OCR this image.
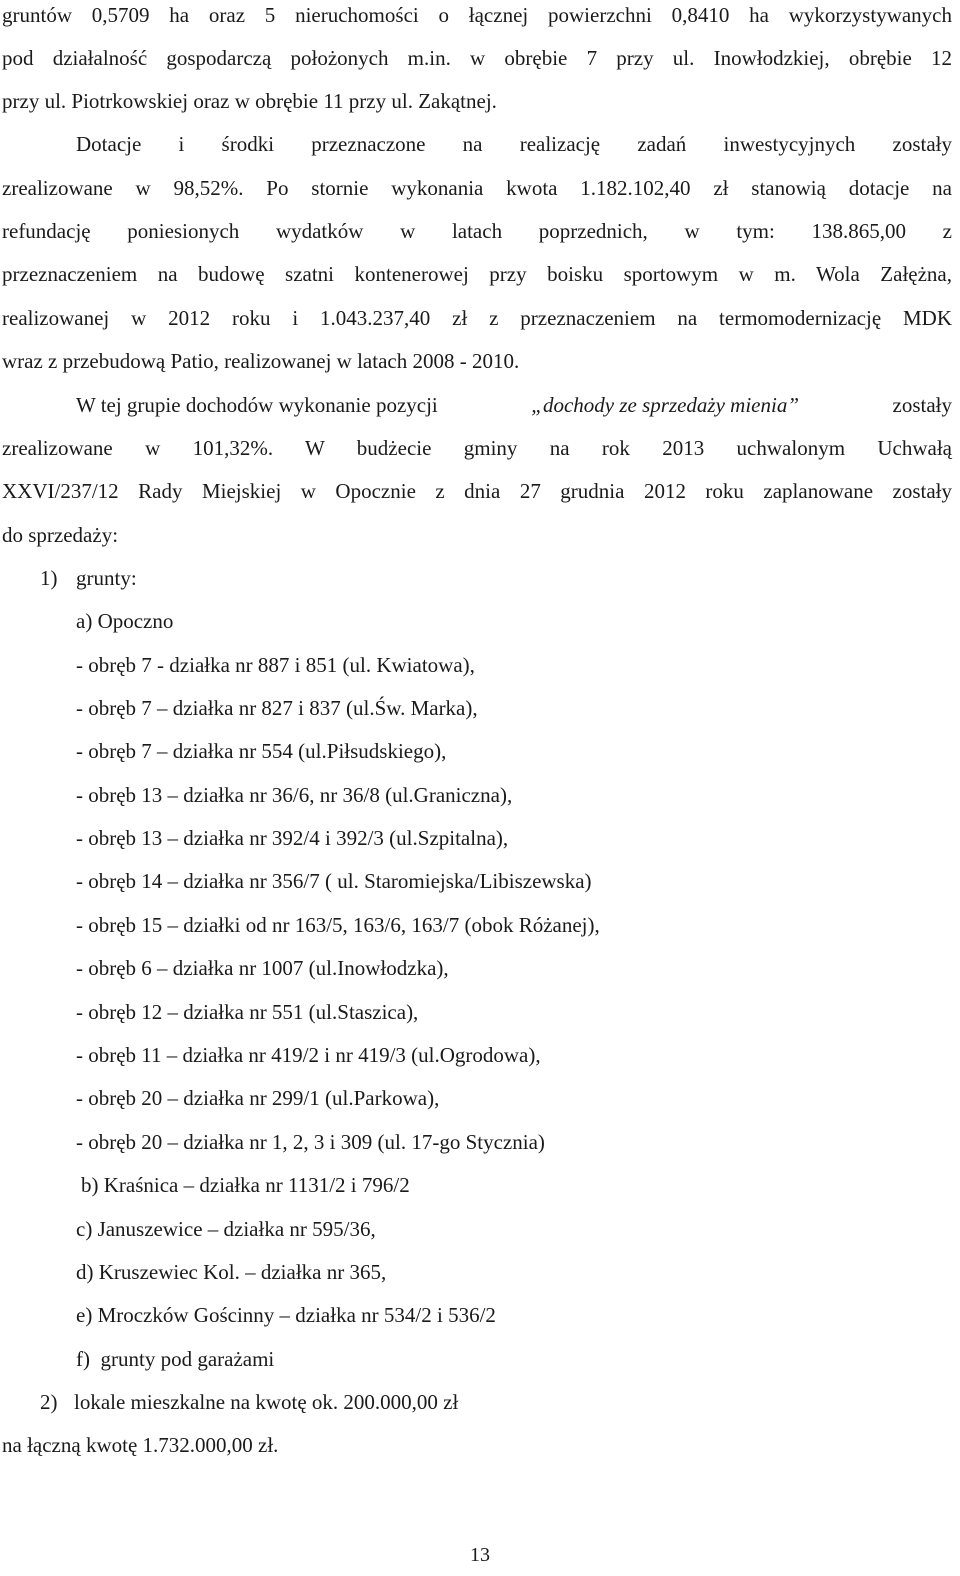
gruntów 0,5709 ha oraz 5 nieruchomości o łącznej powierzchni 0,8410 ha wykorzystywanych
pod działalność gospodarczą położonych m.in. w obrębie 7 przy ul. Inowłodzkiej, obrębie 12
przy ul. Piotrkowskiej oraz w obrębie 11 przy ul. Zakątnej.
Dotacje i środki przeznaczone na realizację zadań inwestycyjnych zostały
zrealizowane w 98,52%. Po stornie wykonania kwota 1.182.102,40 zł stanowią dotacje na
refundację poniesionych wydatków w latach poprzednich, w tym: 138.865,00 z
przeznaczeniem na budowę szatni kontenerowej przy boisku sportowym w m. Wola Załężna,
realizowanej w 2012 roku i 1.043.237,40 zł z przeznaczeniem na termomodernizację MDK
wraz z przebudową Patio, realizowanej w latach 2008 - 2010.
W tej grupie dochodów wykonanie pozycji	„dochody ze sprzedaży mienia”	zostały
zrealizowane w 101,32%. W budżecie gminy na rok 2013 uchwalonym Uchwałą
XXVI/237/12 Rady Miejskiej w Opocznie z dnia 27 grudnia 2012 roku zaplanowane zostały
do sprzedaży:
1) grunty:
a) Opoczno
- obręb 7 - działka nr 887 i 851 (ul. Kwiatowa),
- obręb 7 – działka nr 827 i 837 (ul.Św. Marka),
- obręb 7 – działka nr 554 (ul.Piłsudskiego),
- obręb 13 – działka nr 36/6, nr 36/8 (ul.Graniczna),
- obręb 13 – działka nr 392/4 i 392/3 (ul.Szpitalna),
- obręb 14 – działka nr 356/7 ( ul. Staromiejska/Libiszewska)
- obręb 15 – działki od nr 163/5, 163/6, 163/7 (obok Różanej),
- obręb 6 – działka nr 1007 (ul.Inowłodzka),
- obręb 12 – działka nr 551 (ul.Staszica),
- obręb 11 – działka nr 419/2 i nr 419/3 (ul.Ogrodowa),
- obręb 20 – działka nr 299/1 (ul.Parkowa),
- obręb 20 – działka nr 1, 2, 3 i 309 (ul. 17-go Stycznia)
b) Kraśnica – działka nr 1131/2 i 796/2
c) Januszewice – działka nr 595/36,
d) Kruszewiec Kol. – działka nr 365,
e) Mroczków Gościnny – działka nr 534/2 i 536/2
f)  grunty pod garażami
2) lokale mieszkalne na kwotę ok. 200.000,00 zł
na łączną kwotę 1.732.000,00 zł.
13
